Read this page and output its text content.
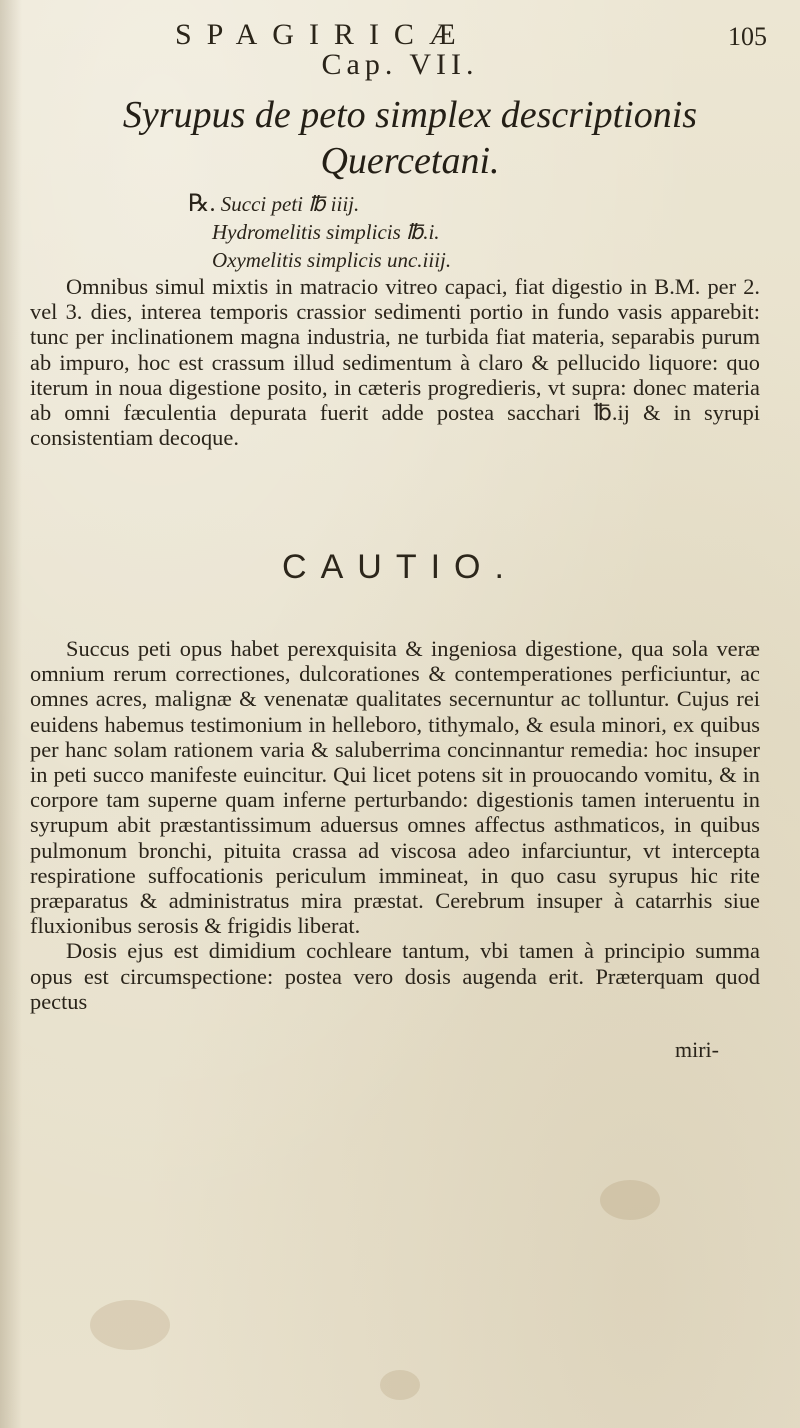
SPAGIRICÆ	105
Cap. VII.
Syrupus de peto simplex descriptionis Quercetani.
℞. Succi peti ℔ iiij.
Hydromelitis simplicis ℔.i.
Oxymelitis simplicis unc.iiij.

Omnibus simul mixtis in matracio vitreo capaci, fiat digestio in B.M. per 2. vel 3. dies, interea temporis crassior sedimenti portio in fundo vasis apparebit: tunc per inclinationem magna industria, ne turbida fiat materia, separabis purum ab impuro, hoc est crassum illud sedimentum à claro & pellucido liquore: quo iterum in noua digestione posito, in cæteris progredieris, vt supra: donec materia ab omni fæculentia depurata fuerit adde postea sacchari ℔.ij & in syrupi consistentiam decoque.

CAUTIO.

Succus peti opus habet perexquisita & ingeniosa digestione, qua sola veræ omnium rerum correctiones, dulcorationes & contemperationes perficiuntur, ac omnes acres, malignæ & venenatæ qualitates secernuntur ac tolluntur. Cujus rei euidens habemus testimonium in helleboro, tithymalo, & esula minori, ex quibus per hanc solam rationem varia & saluberrima concinnantur remedia: hoc insuper in peti succo manifeste euincitur. Qui licet potens sit in prouocando vomitu, & in corpore tam superne quam inferne perturbando: digestionis tamen interuentu in syrupum abit præstantissimum aduersus omnes affectus asthmaticos, in quibus pulmonum bronchi, pituita crassa ad viscosa adeo infarciuntur, vt intercepta respiratione suffocationis periculum immineat, in quo casu syrupus hic rite præparatus & administratus mira præstat. Cerebrum insuper à catarrhis siue fluxionibus serosis & frigidis liberat.

Dosis ejus est dimidium cochleare tantum, vbi tamen à principio summa opus est circumspectione: postea vero dosis augenda erit. Præterquam quod pectus

miri-
